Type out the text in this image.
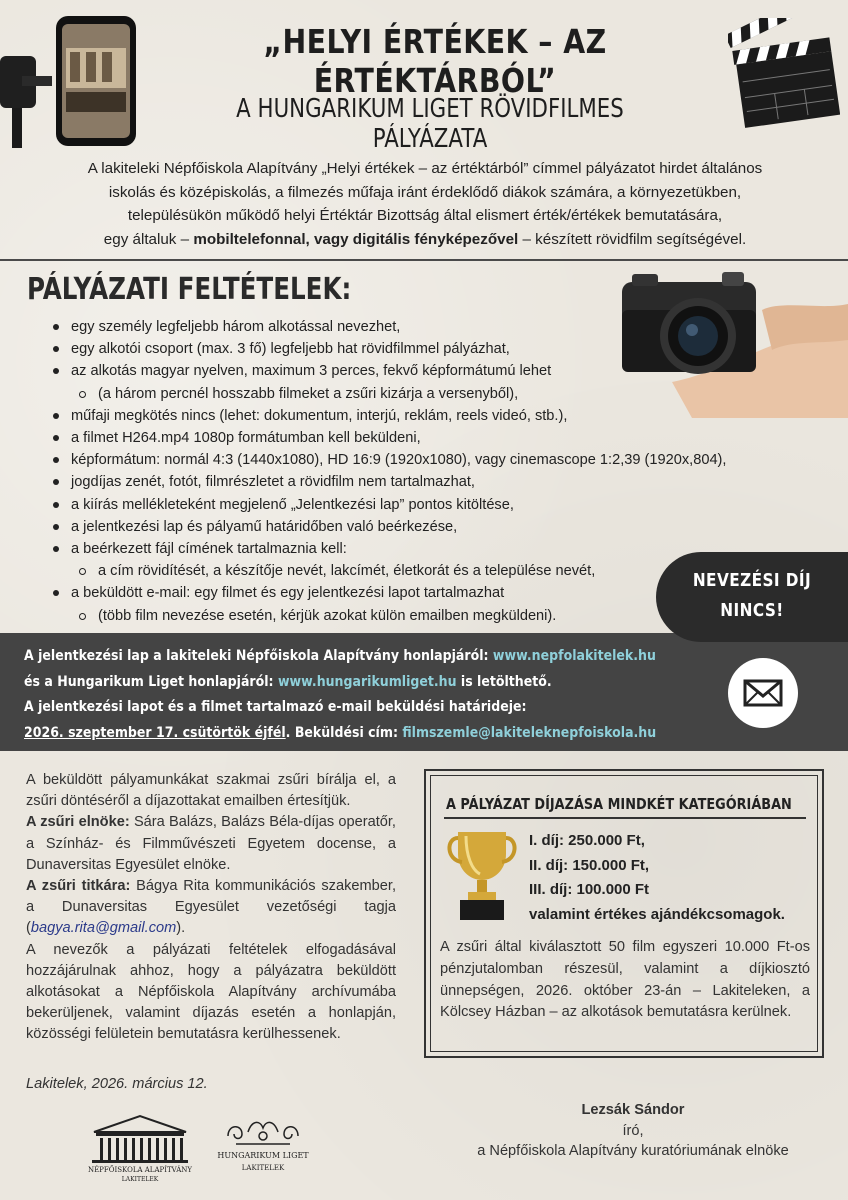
„HELYI ÉRTÉKEK – AZ ÉRTÉKTÁRBÓL”
A HUNGARIKUM LIGET RÖVIDFILMES PÁLYÁZATA
A lakiteleki Népfőiskola Alapítvány „Helyi értékek – az értéktárból” címmel pályázatot hirdet általános
iskolás és középiskolás, a filmezés műfaja iránt érdeklődő diákok számára, a környezetükben,
településükön működő helyi Értéktár Bizottság által elismert érték/értékek bemutatására,
egy általuk – mobiltelefonnal, vagy digitális fényképezővel – készített rövidfilm segítségével.
PÁLYÁZATI FELTÉTELEK:
egy személy legfeljebb három alkotással nevezhet,
egy alkotói csoport (max. 3 fő) legfeljebb hat rövidfilmmel pályázhat,
az alkotás magyar nyelven, maximum 3 perces, fekvő képformátumú lehet
(a három percnél hosszabb filmeket a zsűri kizárja a versenyből),
műfaji megkötés nincs (lehet: dokumentum, interjú, reklám, reels videó, stb.),
a filmet H264.mp4 1080p formátumban kell beküldeni,
képformátum: normál 4:3 (1440x1080), HD 16:9 (1920x1080), vagy cinemascope 1:2,39 (1920x,804),
jogdíjas zenét, fotót, filmrészletet a rövidfilm nem tartalmazhat,
a kiírás mellékleteként megjelenő „Jelentkezési lap” pontos kitöltése,
a jelentkezési lap és pályamű határidőben való beérkezése,
a beérkezett fájl címének tartalmaznia kell:
a cím rövidítését, a készítője nevét, lakcímét, életkorát és a települése nevét,
a beküldött e-mail: egy filmet és egy jelentkezési lapot tartalmazhat
(több film nevezése esetén, kérjük azokat külön emailben megküldeni).
NEVEZÉSI DÍJ
NINCS!
A jelentkezési lap a lakiteleki Népfőiskola Alapítvány honlapjáról: www.nepfolakitelek.hu
és a Hungarikum Liget honlapjáról: www.hungarikumliget.hu is letölthető.
A jelentkezési lapot és a filmet tartalmazó e-mail beküldési határideje:
2026. szeptember 17. csütörtök éjfél. Beküldési cím: filmszemle@lakiteleknepfoiskola.hu

A beküldött pályamunkákat szakmai zsűri bírálja el, a zsűri döntéséről a díjazottakat emailben értesítjük.

A zsűri elnöke: Sára Balázs, Balázs Béla-díjas operatőr, a Színház- és Filmművészeti Egyetem docense, a Dunaversitas Egyesület elnöke.

A zsűri titkára: Bágya Rita kommunikációs szakember, a Dunaversitas Egyesület vezetőségi tagja (bagya.rita@gmail.com).

A nevezők a pályázati feltételek elfogadásával hozzájárulnak ahhoz, hogy a pályázatra beküldött alkotásokat a Népfőiskola Alapítvány archívumába bekerüljenek, valamint díjazás esetén a honlapján, közösségi felületein bemutatásra kerülhessenek.

A PÁLYÁZAT DÍJAZÁSA MINDKÉT KATEGÓRIÁBAN
I. díj: 250.000 Ft,
II. díj: 150.000 Ft,
III. díj: 100.000 Ft
valamint értékes ajándékcsomagok.
A zsűri által kiválasztott 50 film egyszeri 10.000 Ft-os pénzjutalomban részesül, valamint a díjkiosztó ünnepségen, 2026. október 23-án – Lakiteleken, a Kölcsey Házban – az alkotások bemutatásra kerülnek.
Lakitelek, 2026. március 12.
NÉPFŐISKOLA ALAPÍTVÁNY
LAKITELEK
HUNGARIKUM LIGET
LAKITELEK
Lezsák Sándor
író,
a Népfőiskola Alapítvány kuratóriumának elnöke
